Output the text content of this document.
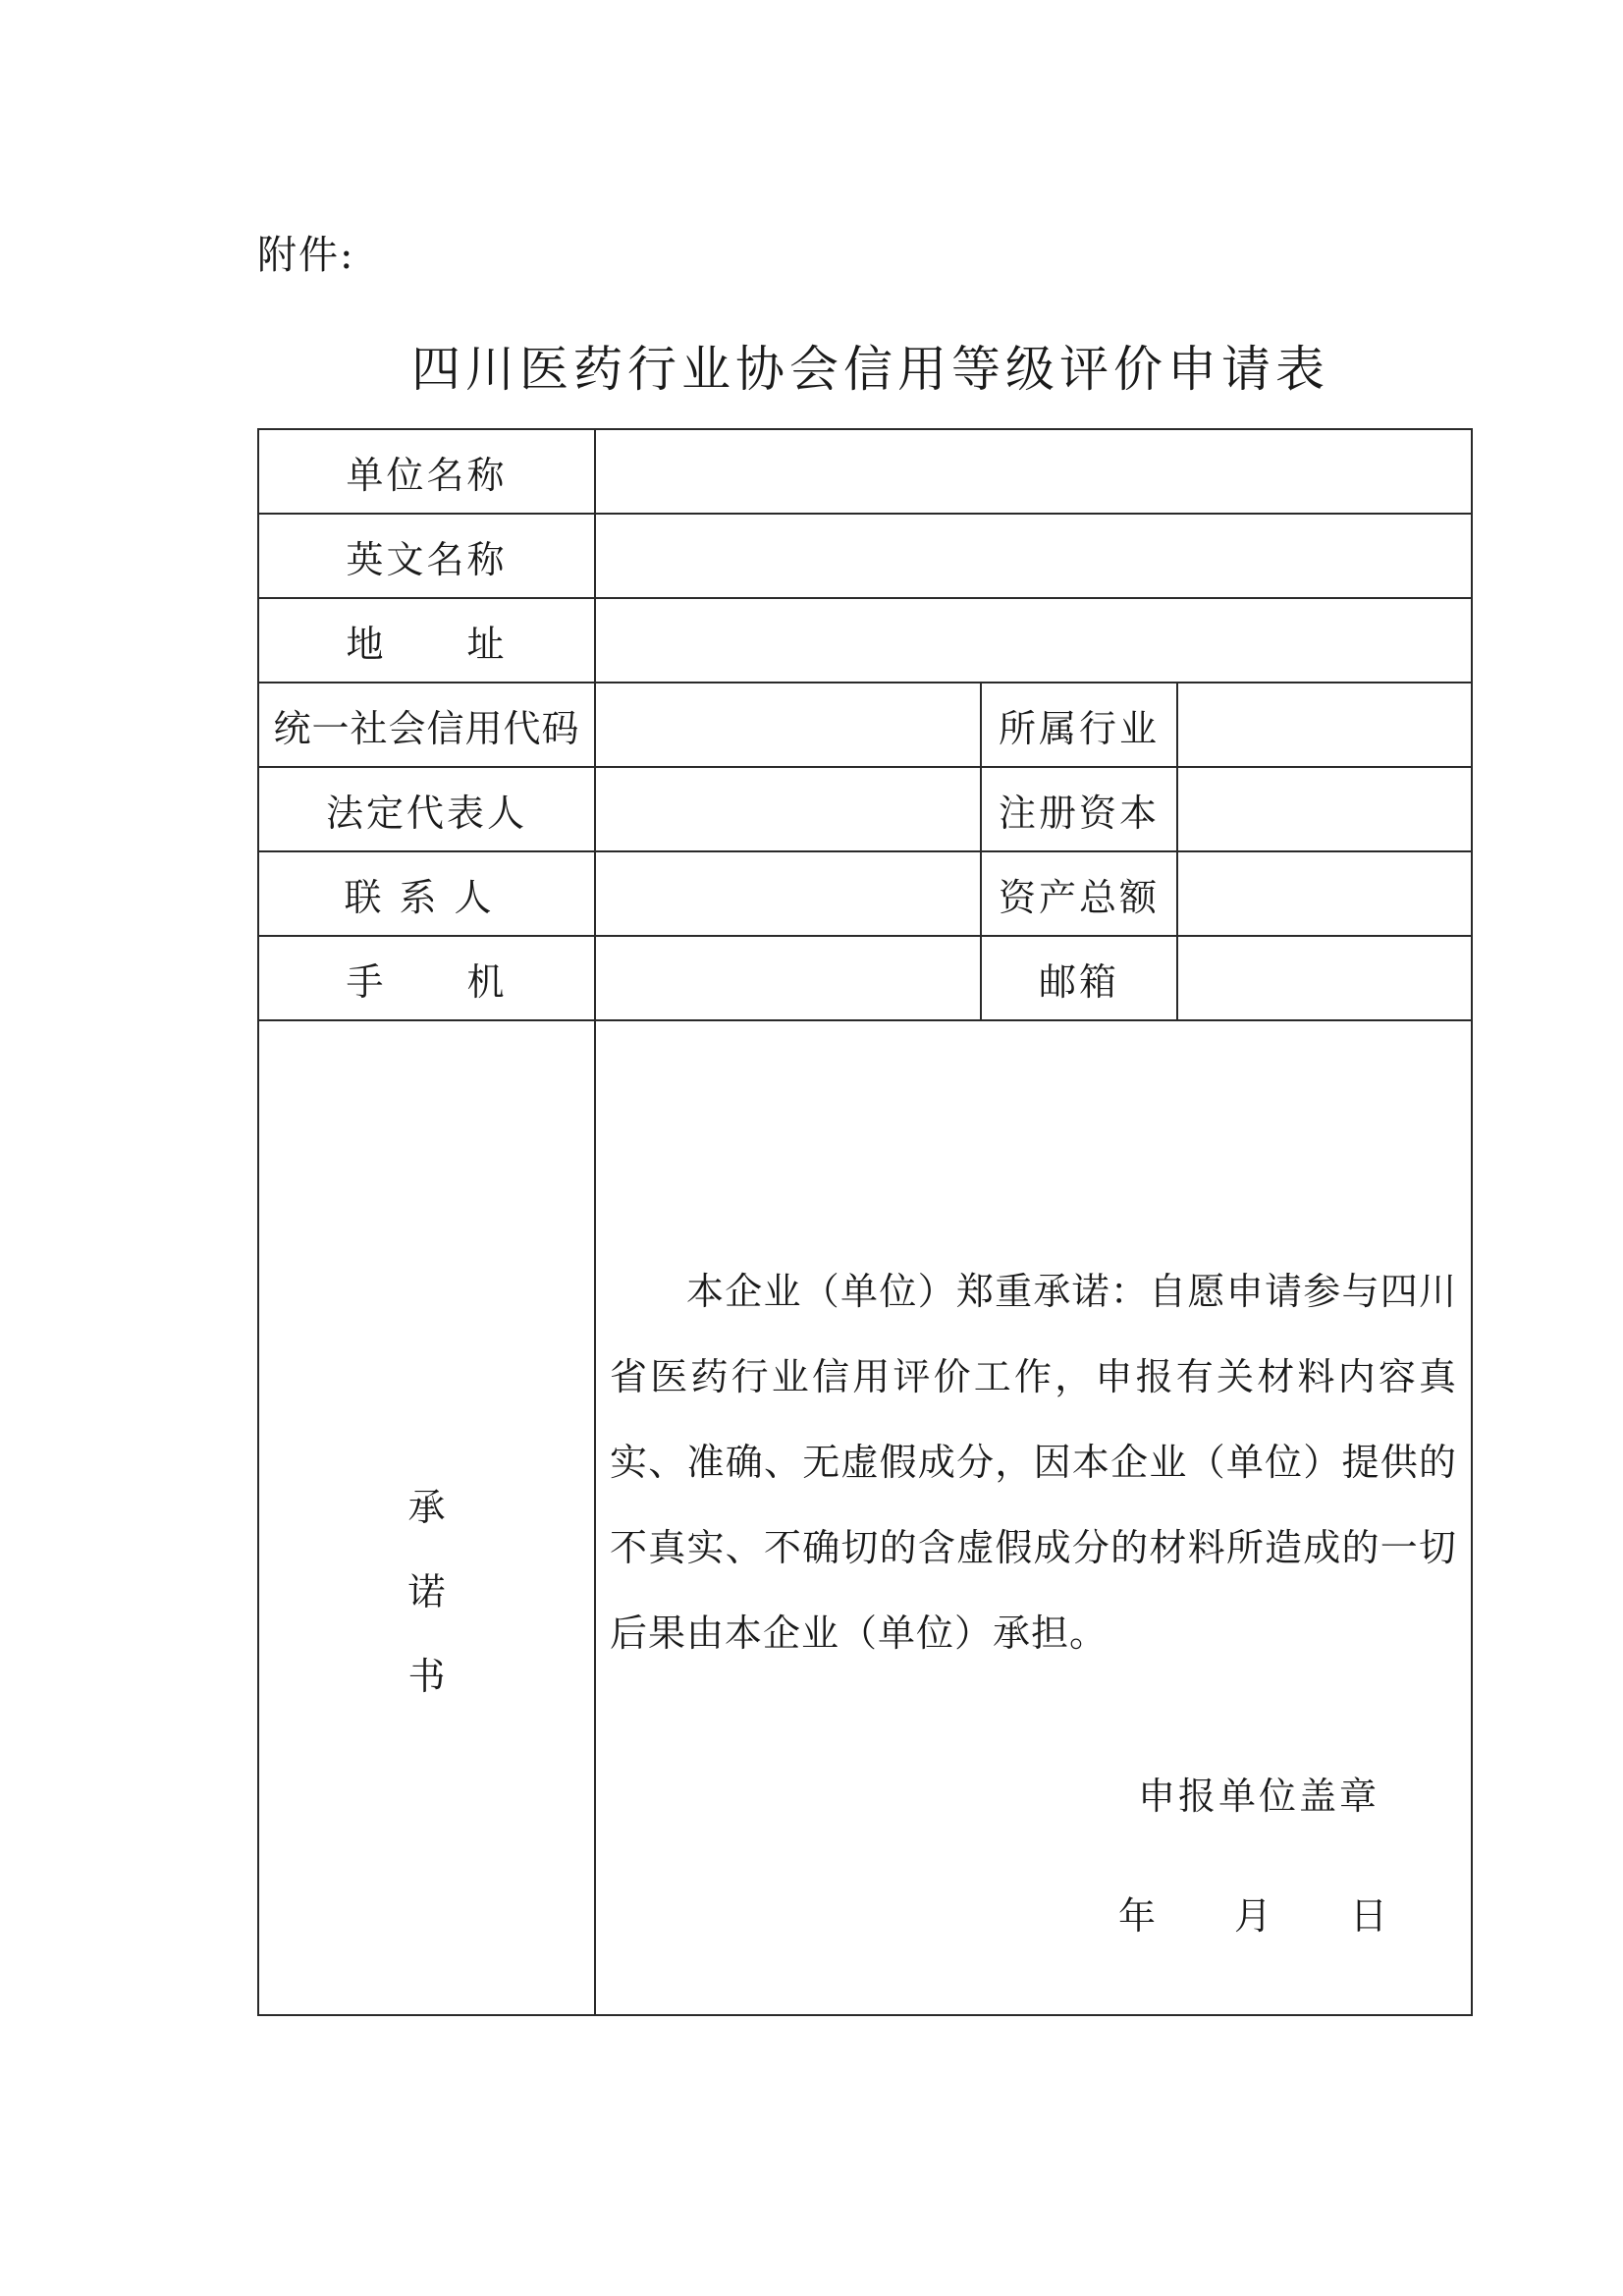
附件:
四川医药行业协会信用等级评价申请表
单位名称			
英文名称			
地　　址			
统一社会信用代码		所属行业	
法定代表人		注册资本	
联系人		资产总额	
手　　机		邮箱	
承诺书	本企业（单位）郑重承诺：自愿申请参与四川省医药行业信用评价工作，申报有关材料内容真实、准确、无虚假成分，因本企业（单位）提供的不真实、不确切的含虚假成分的材料所造成的一切后果由本企业（单位）承担。
申报单位盖章
年 月 日		
